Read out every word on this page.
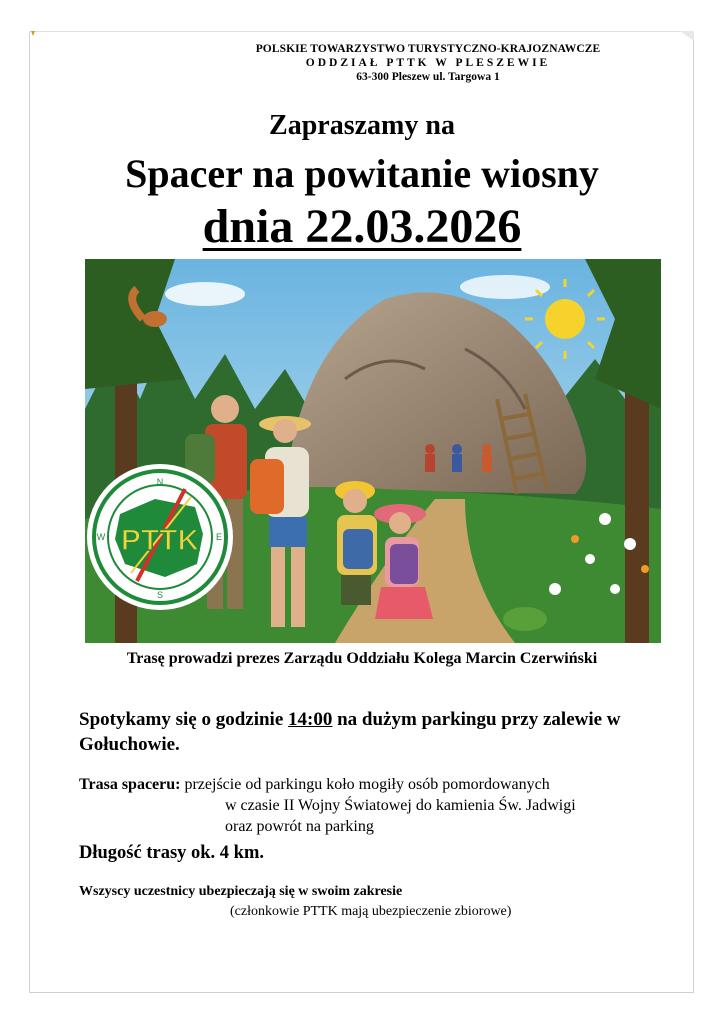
POLSKIE TOWARZYSTWO TURYSTYCZNO-KRAJOZNAWCZE
ODDZIAŁ PTTK W PLESZEWIE
63-300 Pleszew ul. Targowa 1
Zapraszamy na
Spacer na powitanie wiosny
dnia 22.03.2026
PTTK
N
E
S
W
Trasę prowadzi prezes Zarządu Oddziału Kolega Marcin Czerwiński
Spotykamy się o godzinie 14:00 na dużym parkingu przy zalewie w Gołuchowie.
Trasa spaceru: przejście od parkingu koło mogiły osób pomordowanych
w czasie II Wojny Światowej do kamienia Św. Jadwigi
oraz powrót na parking
Długość trasy ok. 4 km.
Wszyscy uczestnicy ubezpieczają się w swoim zakresie
(członkowie PTTK mają ubezpieczenie zbiorowe)
